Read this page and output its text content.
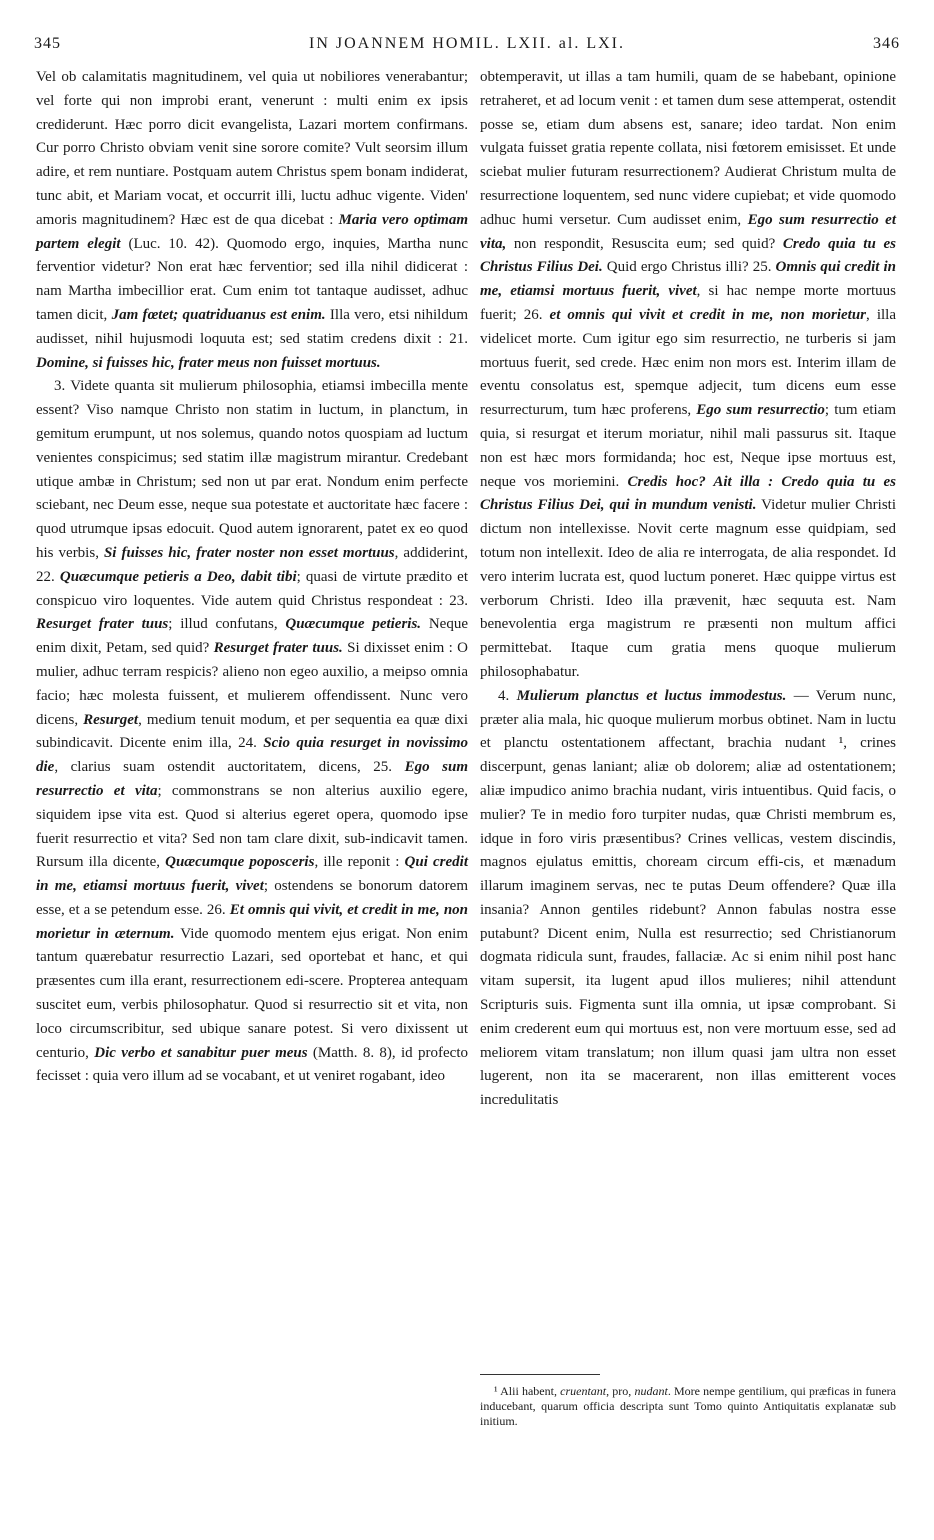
345	IN JOANNEM HOMIL. LXII. al. LXI.	346

Vel ob calamitatis magnitudinem, vel quia ut nobiliores venerabantur; vel forte qui non improbi erant, venerunt : multi enim ex ipsis crediderunt. Hæc porro dicit evangelista, Lazari mortem confirmans. Cur porro Christo obviam venit sine sorore comite? Vult seorsim illum adire, et rem nuntiare. Postquam autem Christus spem bonam indiderat, tunc abit, et Mariam vocat, et occurrit illi, luctu adhuc vigente. Viden' amoris magnitudinem? Hæc est de qua dicebat : Maria vero optimam partem elegit (Luc. 10. 42). Quomodo ergo, inquies, Martha nunc ferventior videtur? Non erat hæc ferventior; sed illa nihil didicerat : nam Martha imbecillior erat. Cum enim tot tantaque audisset, adhuc tamen dicit, Jam fœtet; quatriduanus est enim. Illa vero, etsi nihildum audisset, nihil hujusmodi loquuta est; sed statim credens dixit : 21. Domine, si fuisses hic, frater meus non fuisset mortuus.

3. Videte quanta sit mulierum philosophia, etiamsi imbecilla mente essent? Viso namque Christo non statim in luctum, in planctum, in gemitum erumpunt, ut nos solemus, quando notos quospiam ad luctum venientes conspicimus; sed statim illæ magistrum mirantur. Credebant utique ambæ in Christum; sed non ut par erat. Nondum enim perfecte sciebant, nec Deum esse, neque sua potestate et auctoritate hæc facere : quod utrumque ipsas edocuit. Quod autem ignorarent, patet ex eo quod his verbis, Si fuisses hic, frater noster non esset mortuus, addiderint, 22. Quæcumque petieris a Deo, dabit tibi; quasi de virtute prædito et conspicuo viro loquentes. Vide autem quid Christus respondeat : 23. Resurget frater tuus; illud confutans, Quæcumque petieris. Neque enim dixit, Petam, sed quid? Resurget frater tuus. Si dixisset enim : O mulier, adhuc terram respicis? alieno non egeo auxilio, a meipso omnia facio; hæc molesta fuissent, et mulierem offendissent. Nunc vero dicens, Resurget, medium tenuit modum, et per sequentia ea quæ dixi subindicavit. Dicente enim illa, 24. Scio quia resurget in novissimo die, clarius suam ostendit auctoritatem, dicens, 25. Ego sum resurrectio et vita; commonstrans se non alterius auxilio egere, siquidem ipse vita est. Quod si alterius egeret opera, quomodo ipse fuerit resurrectio et vita? Sed non tam clare dixit, sub-indicavit tamen. Rursum illa dicente, Quæcumque poposceris, ille reponit : Qui credit in me, etiamsi mortuus fuerit, vivet; ostendens se bonorum datorem esse, et a se petendum esse. 26. Et omnis qui vivit, et credit in me, non morietur in æternum. Vide quomodo mentem ejus erigat. Non enim tantum quærebatur resurrectio Lazari, sed oportebat et hanc, et qui præsentes cum illa erant, resurrectionem edi-scere. Propterea antequam suscitet eum, verbis philosophatur. Quod si resurrectio sit et vita, non loco circumscribitur, sed ubique sanare potest. Si vero dixissent ut centurio, Dic verbo et sanabitur puer meus (Matth. 8. 8), id profecto fecisset : quia vero illum ad se vocabant, et ut veniret rogabant, ideo

obtemperavit, ut illas a tam humili, quam de se habebant, opinione retraheret, et ad locum venit : et tamen dum sese attemperat, ostendit posse se, etiam dum absens est, sanare; ideo tardat. Non enim vulgata fuisset gratia repente collata, nisi fœtorem emisisset. Et unde sciebat mulier futuram resurrectionem? Audierat Christum multa de resurrectione loquentem, sed nunc videre cupiebat; et vide quomodo adhuc humi versetur. Cum audisset enim, Ego sum resurrectio et vita, non respondit, Resuscita eum; sed quid? Credo quia tu es Christus Filius Dei. Quid ergo Christus illi? 25. Omnis qui credit in me, etiamsi mortuus fuerit, vivet, si hac nempe morte mortuus fuerit; 26. et omnis qui vivit et credit in me, non morietur, illa videlicet morte. Cum igitur ego sim resurrectio, ne turberis si jam mortuus fuerit, sed crede. Hæc enim non mors est. Interim illam de eventu consolatus est, spemque adjecit, tum dicens eum esse resurrecturum, tum hæc proferens, Ego sum resurrectio; tum etiam quia, si resurgat et iterum moriatur, nihil mali passurus sit. Itaque non est hæc mors formidanda; hoc est, Neque ipse mortuus est, neque vos moriemini. Credis hoc? Ait illa : Credo quia tu es Christus Filius Dei, qui in mundum venisti. Videtur mulier Christi dictum non intellexisse. Novit certe magnum esse quidpiam, sed totum non intellexit. Ideo de alia re interrogata, de alia respondet. Id vero interim lucrata est, quod luctum poneret. Hæc quippe virtus est verborum Christi. Ideo illa prævenit, hæc sequuta est. Nam benevolentia erga magistrum re præsenti non multum affici permittebat. Itaque cum gratia mens quoque mulierum philosophabatur.

4. Mulierum planctus et luctus immodestus. — Verum nunc, præter alia mala, hic quoque mulierum morbus obtinet. Nam in luctu et planctu ostentationem affectant, brachia nudant ¹, crines discerpunt, genas laniant; aliæ ob dolorem; aliæ ad ostentationem; aliæ impudico animo brachia nudant, viris intuentibus. Quid facis, o mulier? Te in medio foro turpiter nudas, quæ Christi membrum es, idque in foro viris præsentibus? Crines vellicas, vestem discindis, magnos ejulatus emittis, choream circum effi-cis, et mænadum illarum imaginem servas, nec te putas Deum offendere? Quæ illa insania? Annon gentiles ridebunt? Annon fabulas nostra esse putabunt? Dicent enim, Nulla est resurrectio; sed Christianorum dogmata ridicula sunt, fraudes, fallaciæ. Ac si enim nihil post hanc vitam supersit, ita lugent apud illos mulieres; nihil attendunt Scripturis suis. Figmenta sunt illa omnia, ut ipsæ comprobant. Si enim crederent eum qui mortuus est, non vere mortuum esse, sed ad meliorem vitam translatum; non illum quasi jam ultra non esset lugerent, non ita se macerarent, non illas emitterent voces incredulitatis

¹ Alii habent, cruentant, pro, nudant. More nempe gentilium, qui præficas in funera inducebant, quarum officia descripta sunt Tomo quinto Antiquitatis explanatæ sub initium.
